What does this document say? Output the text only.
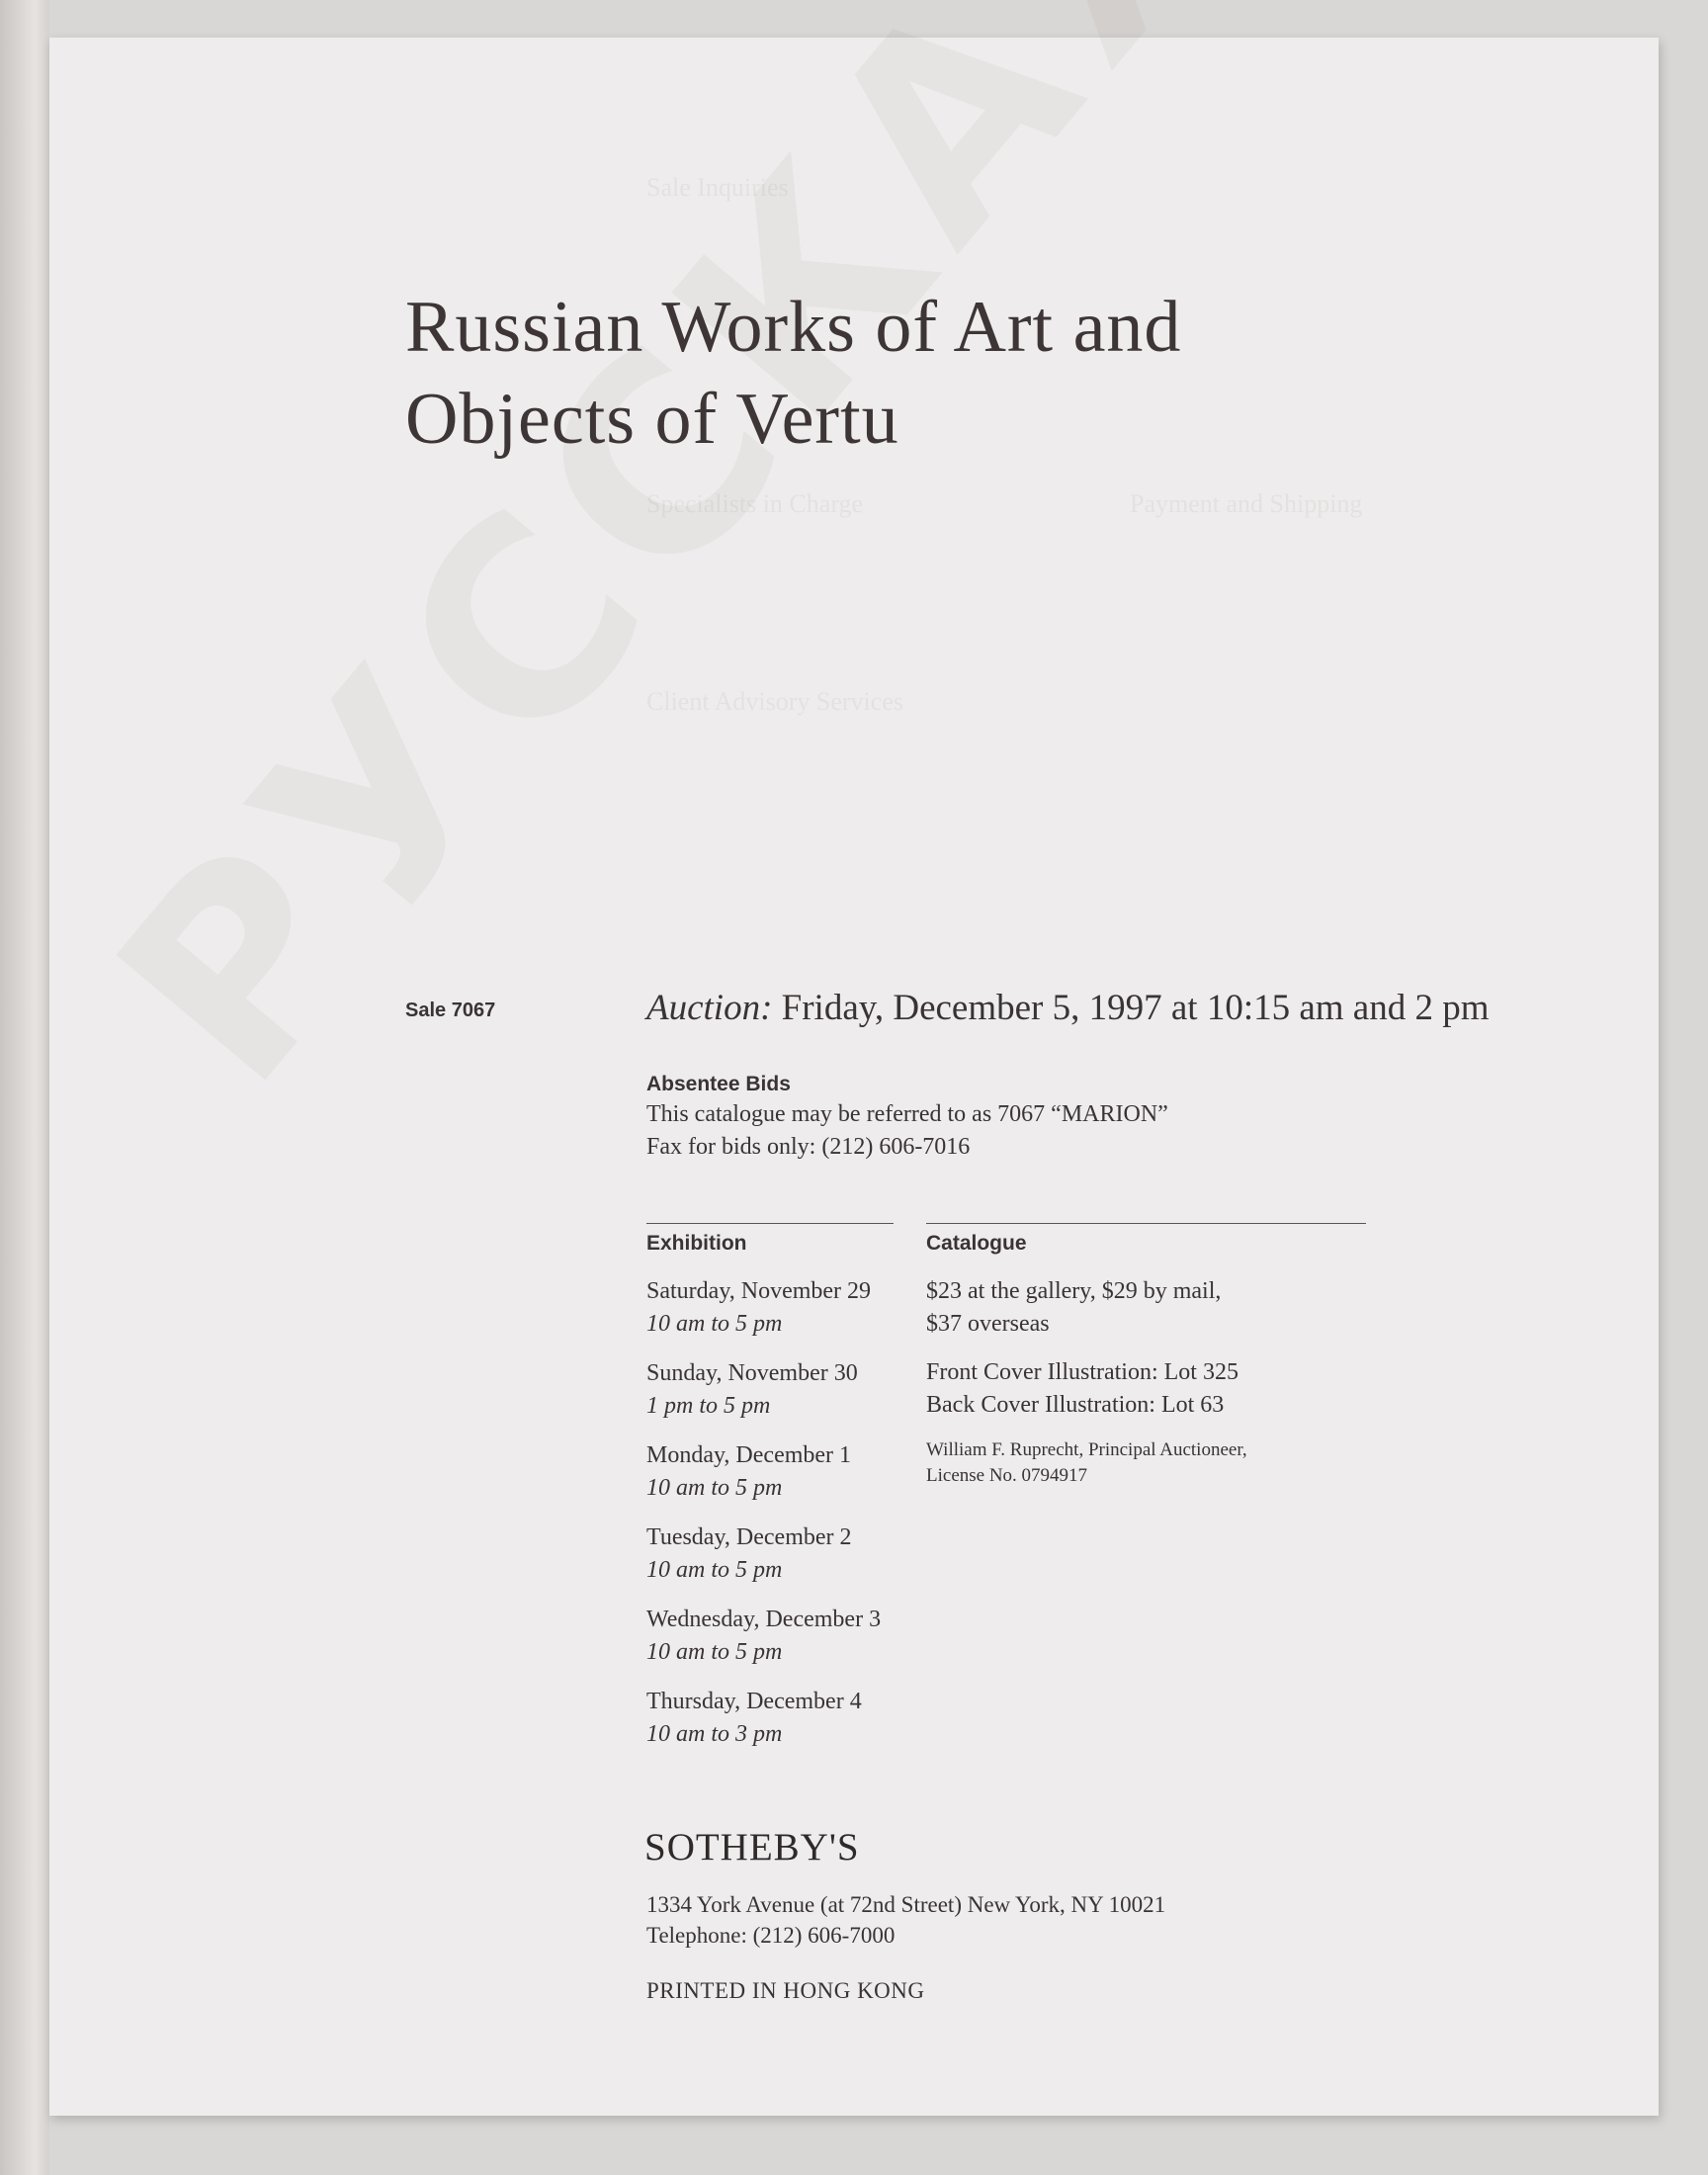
Sale Inquiries
Specialists in Charge	Payment and Shipping
Client Advisory Services
Russian Works of Art and
Objects of Vertu
Sale 7067	Auction: Friday, December 5, 1997 at 10:15 am and 2 pm
Absentee Bids
This catalogue may be referred to as 7067 “MARION”
Fax for bids only: (212) 606-7016
Exhibition
Saturday, November 29
10 am to 5 pm
Sunday, November 30
1 pm to 5 pm
Monday, December 1
10 am to 5 pm
Tuesday, December 2
10 am to 5 pm
Wednesday, December 3
10 am to 5 pm
Thursday, December 4
10 am to 3 pm
Catalogue
$23 at the gallery, $29 by mail,
$37 overseas
Front Cover Illustration: Lot 325
Back Cover Illustration: Lot 63
William F. Ruprecht, Principal Auctioneer,
License No. 0794917
SOTHEBY'S
1334 York Avenue (at 72nd Street) New York, NY 10021
Telephone: (212) 606-7000
PRINTED IN HONG KONG
